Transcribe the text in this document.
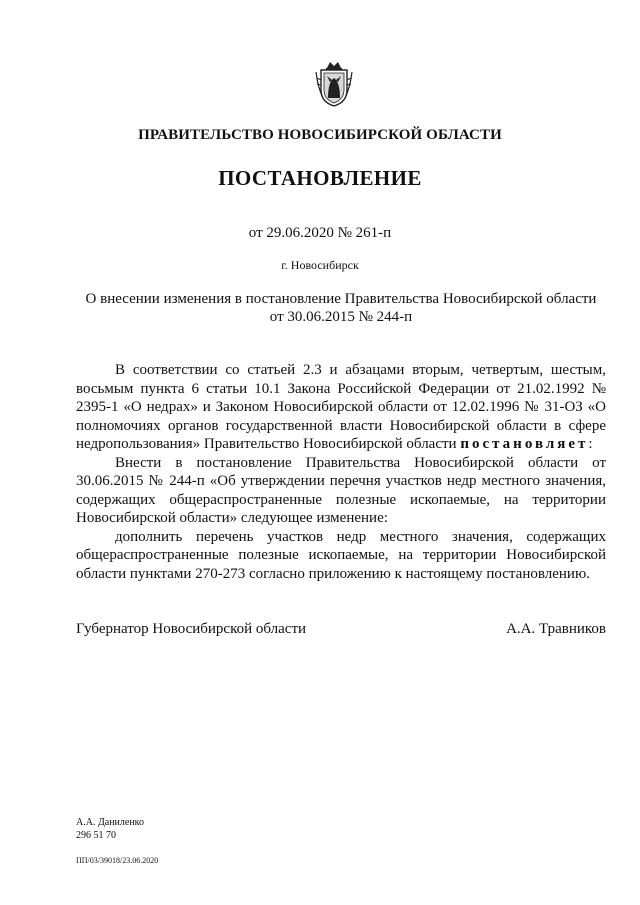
ПРАВИТЕЛЬСТВО НОВОСИБИРСКОЙ ОБЛАСТИ
ПОСТАНОВЛЕНИЕ
от 29.06.2020 № 261-п
г. Новосибирск
О внесении изменения в постановление Правительства Новосибирской области
от 30.06.2015 № 244-п

В соответствии со статьей 2.3 и абзацами вторым, четвертым, шестым, восьмым пункта 6 статьи 10.1 Закона Российской Федерации от 21.02.1992 № 2395-1 «О недрах» и Законом Новосибирской области от 12.02.1996 № 31-ОЗ «О полномочиях органов государственной власти Новосибирской области в сфере недропользования» Правительство Новосибирской области постановляет:

Внести в постановление Правительства Новосибирской области от 30.06.2015 № 244-п «Об утверждении перечня участков недр местного значения, содержащих общераспространенные полезные ископаемые, на территории Новосибирской области» следующее изменение:

дополнить перечень участков недр местного значения, содержащих общераспространенные полезные ископаемые, на территории Новосибирской области пунктами 270-273 согласно приложению к настоящему постановлению.

Губернатор Новосибирской области	А.А. Травников
А.А. Даниленко
296 51 70
ПП/03/39018/23.06.2020
